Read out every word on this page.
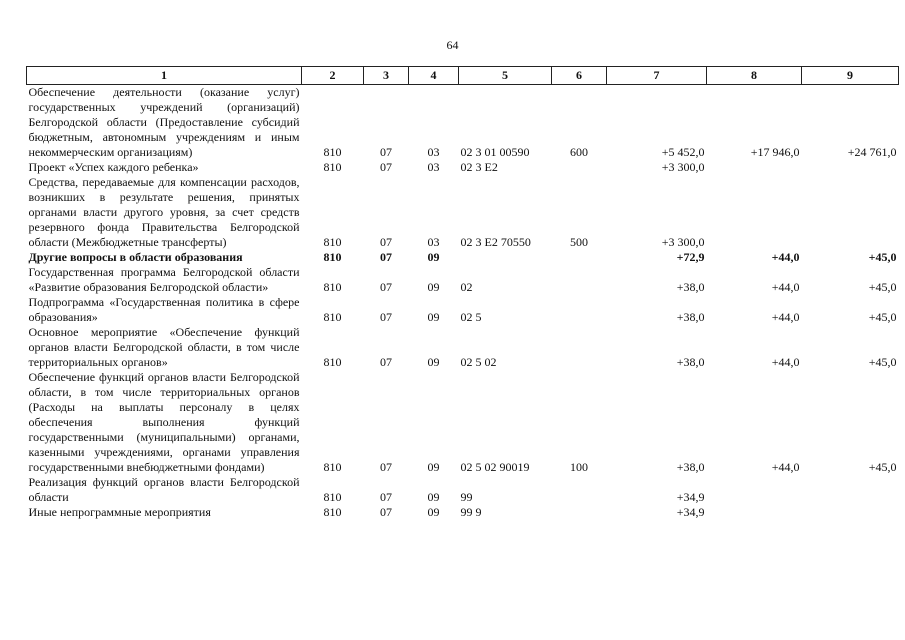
64
1	2	3	4	5	6	7	8	9
Обеспечение деятельности (оказание услуг) государственных учреждений (организаций) Белгородской области (Предоставление субсидий бюджетным, автономным учреждениям и иным некоммерческим организациям)	810	07	03	02 3 01 00590	600	+5 452,0	+17 946,0	+24 761,0
Проект «Успех каждого ребенка»	810	07	03	02 3 E2		+3 300,0		
Средства, передаваемые для компенсации расходов, возникших в результате решения, принятых органами власти другого уровня, за счет средств резервного фонда Правительства Белгородской области (Межбюджетные трансферты)	810	07	03	02 3 E2 70550	500	+3 300,0		
Другие вопросы в области образования	810	07	09			+72,9	+44,0	+45,0
Государственная программа Белгородской области «Развитие образования Белгородской области»	810	07	09	02		+38,0	+44,0	+45,0
Подпрограмма «Государственная политика в сфере образования»	810	07	09	02 5		+38,0	+44,0	+45,0
Основное мероприятие «Обеспечение функций органов власти Белгородской области, в том числе территориальных органов»	810	07	09	02 5 02		+38,0	+44,0	+45,0
Обеспечение функций органов власти Белгородской области, в том числе территориальных органов (Расходы на выплаты персоналу в целях обеспечения выполнения функций государственными (муниципальными) органами, казенными учреждениями, органами управления государственными внебюджетными фондами)	810	07	09	02 5 02 90019	100	+38,0	+44,0	+45,0
Реализация функций органов власти Белгородской области	810	07	09	99		+34,9		
Иные непрограммные мероприятия	810	07	09	99 9		+34,9		
